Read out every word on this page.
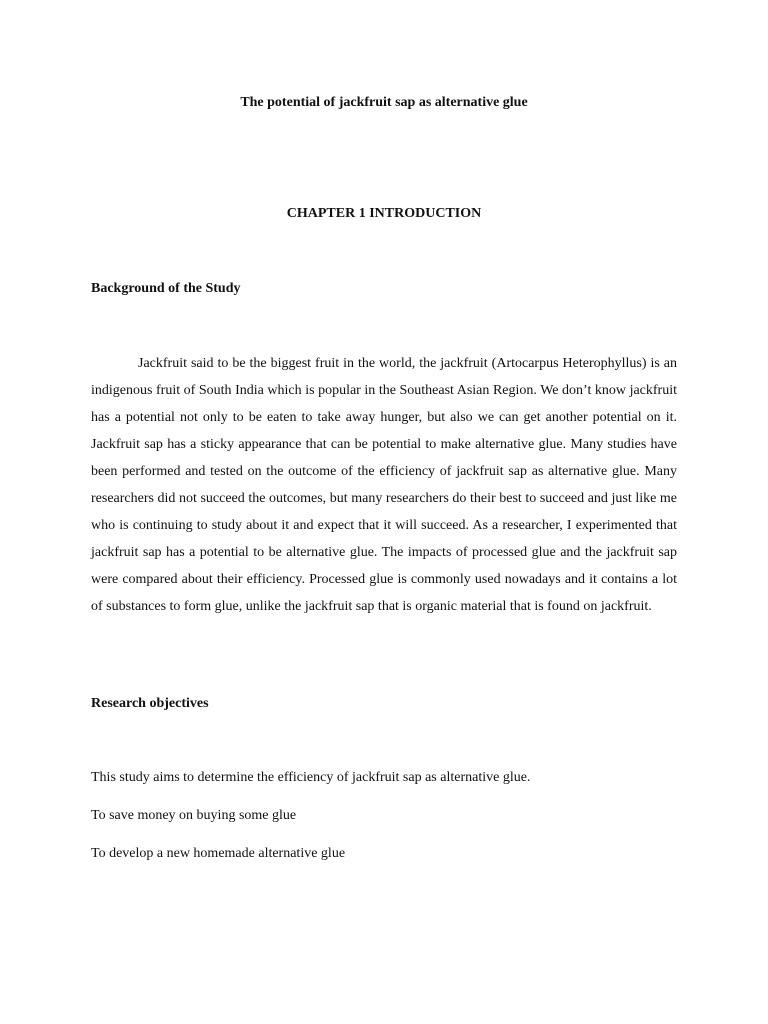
The potential of jackfruit sap as alternative glue
CHAPTER 1 INTRODUCTION
Background of the Study

Jackfruit said to be the biggest fruit in the world, the jackfruit (Artocarpus Heterophyllus) is an indigenous fruit of South India which is popular in the Southeast Asian Region. We don’t know jackfruit has a potential not only to be eaten to take away hunger, but also we can get another potential on it. Jackfruit sap has a sticky appearance that can be potential to make alternative glue. Many studies have been performed and tested on the outcome of the efficiency of jackfruit sap as alternative glue. Many researchers did not succeed the outcomes, but many researchers do their best to succeed and just like me who is continuing to study about it and expect that it will succeed. As a researcher, I experimented that jackfruit sap has a potential to be alternative glue. The impacts of processed glue and the jackfruit sap were compared about their efficiency. Processed glue is commonly used nowadays and it contains a lot of substances to form glue, unlike the jackfruit sap that is organic material that is found on jackfruit.

Research objectives

This study aims to determine the efficiency of jackfruit sap as alternative glue.

To save money on buying some glue

To develop a new homemade alternative glue
